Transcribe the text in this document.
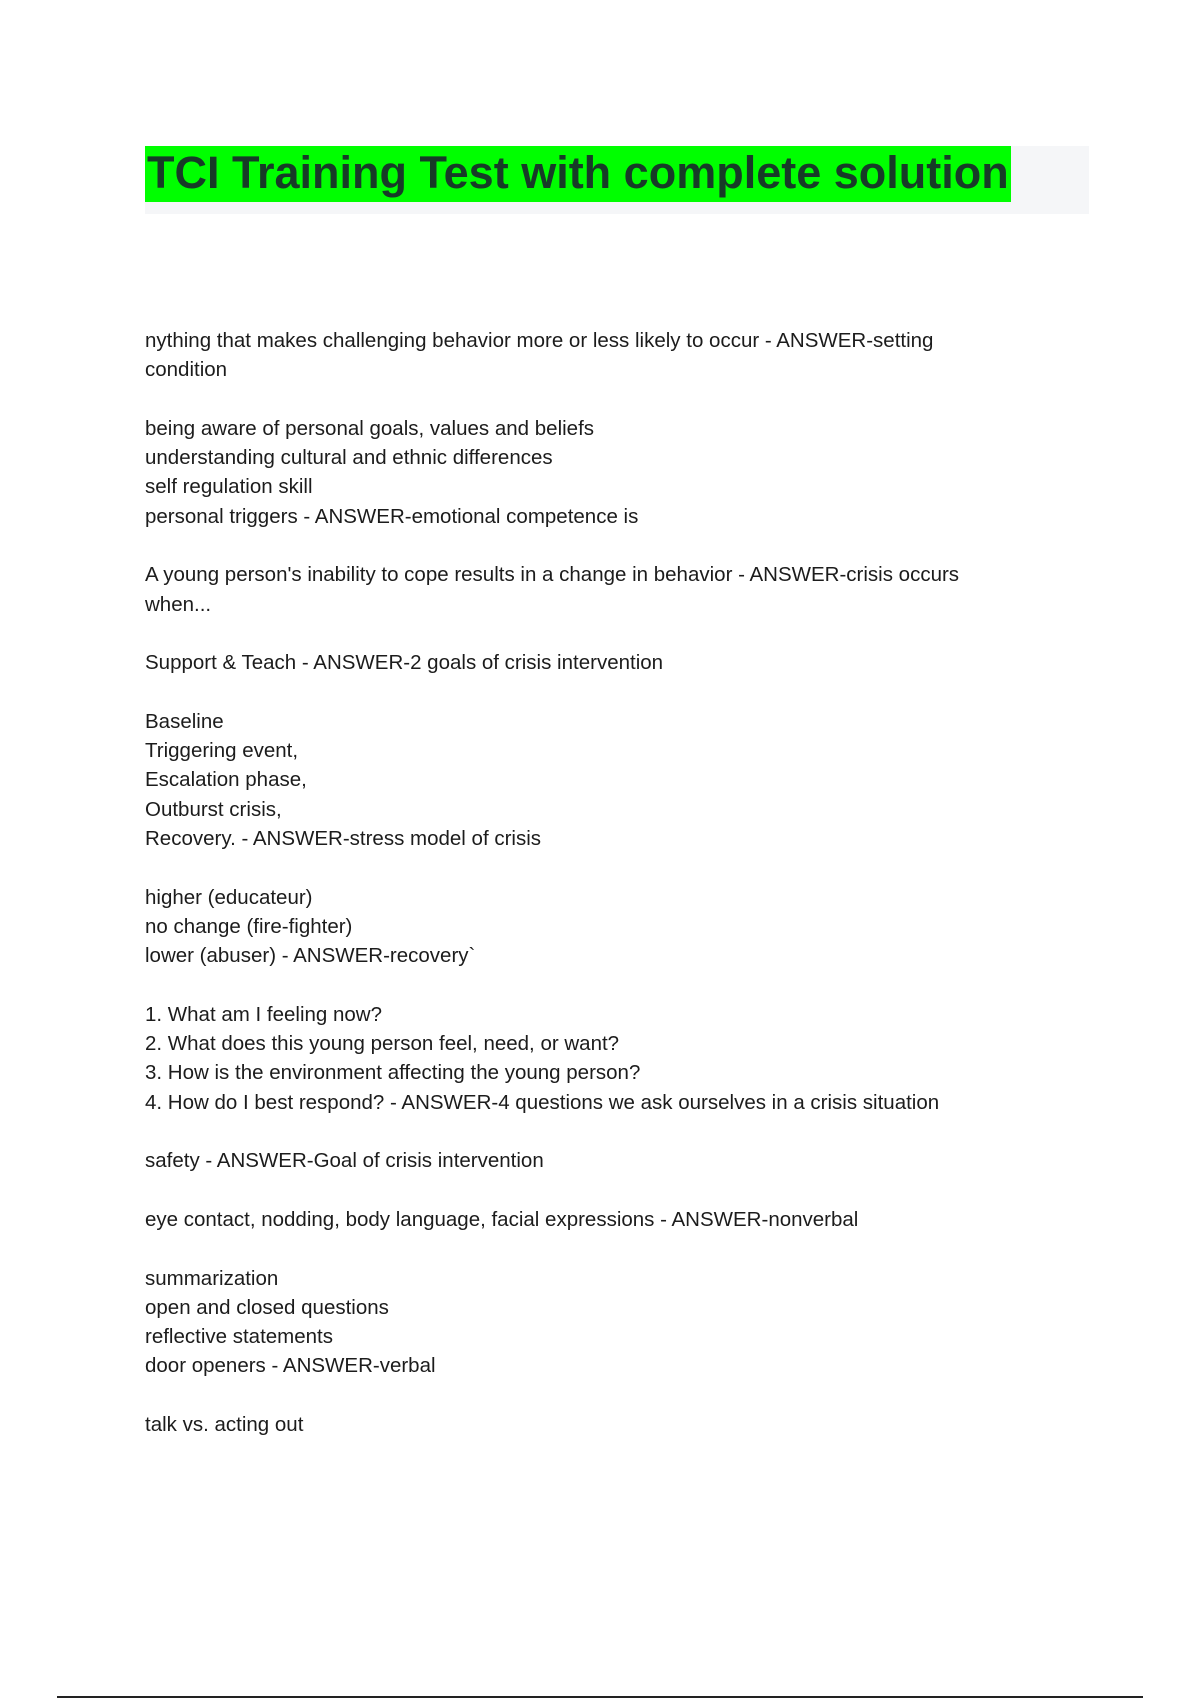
TCI Training Test with complete solution
nything that makes challenging behavior more or less likely to occur - ANSWER-setting
condition
being aware of personal goals, values and beliefs
understanding cultural and ethnic differences
self regulation skill
personal triggers - ANSWER-emotional competence is
A young person's inability to cope results in a change in behavior - ANSWER-crisis occurs
when...
Support & Teach - ANSWER-2 goals of crisis intervention
Baseline
Triggering event,
Escalation phase,
Outburst crisis,
Recovery. - ANSWER-stress model of crisis
higher (educateur)
no change (fire-fighter)
lower (abuser) - ANSWER-recovery`
1. What am I feeling now?
2. What does this young person feel, need, or want?
3. How is the environment affecting the young person?
4. How do I best respond? - ANSWER-4 questions we ask ourselves in a crisis situation
safety - ANSWER-Goal of crisis intervention
eye contact, nodding, body language, facial expressions - ANSWER-nonverbal
summarization
open and closed questions
reflective statements
door openers - ANSWER-verbal
talk vs. acting out
